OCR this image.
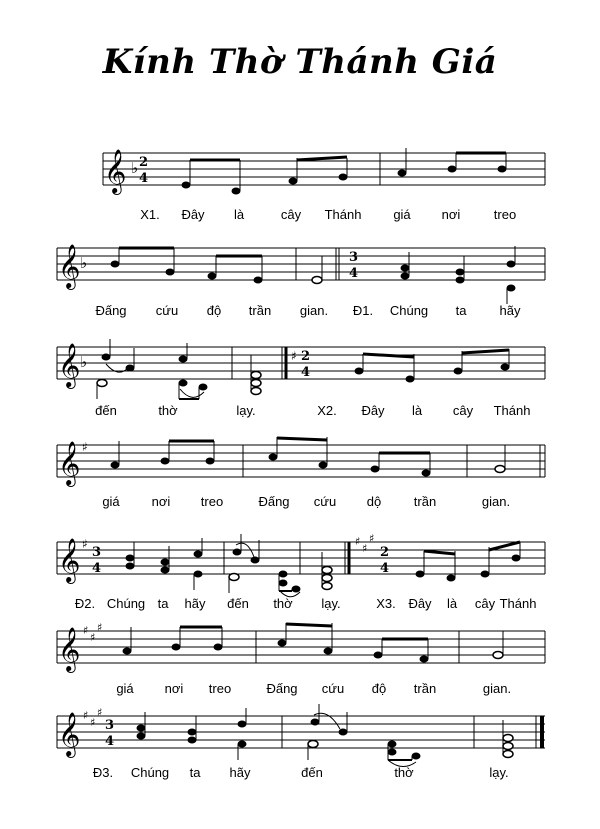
Kính Thờ Thánh Giá
𝄞 ♭ 2
4
X1. Đây là	cây Thánh giá nơi	treo
𝄞 ♭	3
4
Đấng cứu độ trần gian. Đ1. Chúng ta	hãy
𝄞 ♭	♯ 2
4
đến	thờ	lạy.	X2. Đây là cây Thánh
𝄞 ♯
giá nơi treo	Đấng cứu dộ	trần	gian.
𝄞 ♯
3
4
♯
♯
♯
2
4
Đ2. Chúng ta hãy đến thờ lạy.	X3. Đây là cây Thánh
𝄞 ♯
♯
♯
giá nơi treo	Đấng cứu độ trần	gian.
𝄞 ♯
♯
♯
3
4
Đ3. Chúng ta hãy	đến	thờ	lạy.
